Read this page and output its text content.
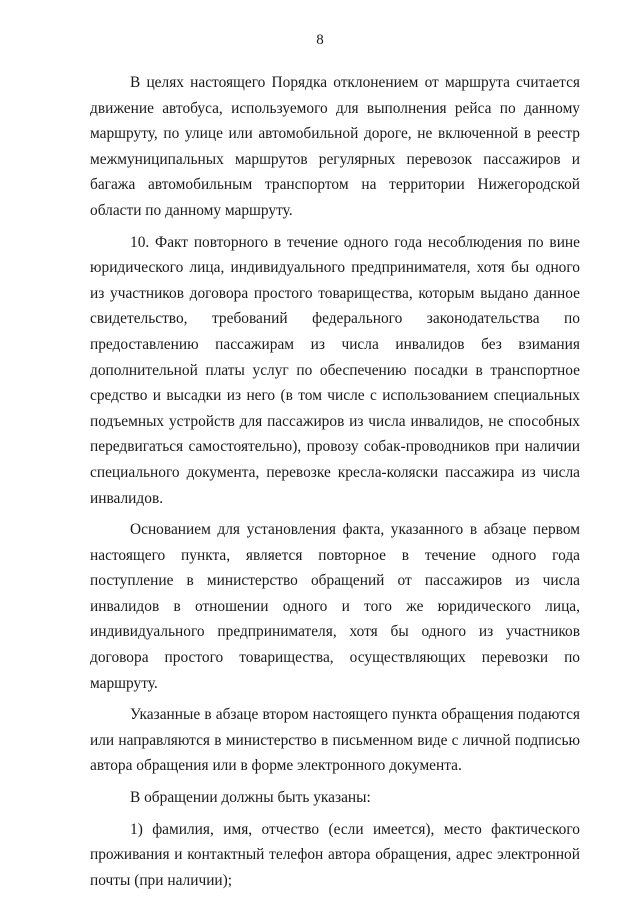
8

В целях настоящего Порядка отклонением от маршрута считается движение автобуса, используемого для выполнения рейса по данному маршруту, по улице или автомобильной дороге, не включенной в реестр межмуниципальных маршрутов регулярных перевозок пассажиров и багажа автомобильным транспортом на территории Нижегородской области по данному маршруту.

10. Факт повторного в течение одного года несоблюдения по вине юридического лица, индивидуального предпринимателя, хотя бы одного из участников договора простого товарищества, которым выдано данное свидетельство, требований федерального законодательства по предоставлению пассажирам из числа инвалидов без взимания дополнительной платы услуг по обеспечению посадки в транспортное средство и высадки из него (в том числе с использованием специальных подъемных устройств для пассажиров из числа инвалидов, не способных передвигаться самостоятельно), провозу собак-проводников при наличии специального документа, перевозке кресла-коляски пассажира из числа инвалидов.

Основанием для установления факта, указанного в абзаце первом настоящего пункта, является повторное в течение одного года поступление в министерство обращений от пассажиров из числа инвалидов в отношении одного и того же юридического лица, индивидуального предпринимателя, хотя бы одного из участников договора простого товарищества, осуществляющих перевозки по маршруту.

Указанные в абзаце втором настоящего пункта обращения подаются или направляются в министерство в письменном виде с личной подписью автора обращения или в форме электронного документа.

В обращении должны быть указаны:

1) фамилия, имя, отчество (если имеется), место фактического проживания и контактный телефон автора обращения, адрес электронной почты (при наличии);
